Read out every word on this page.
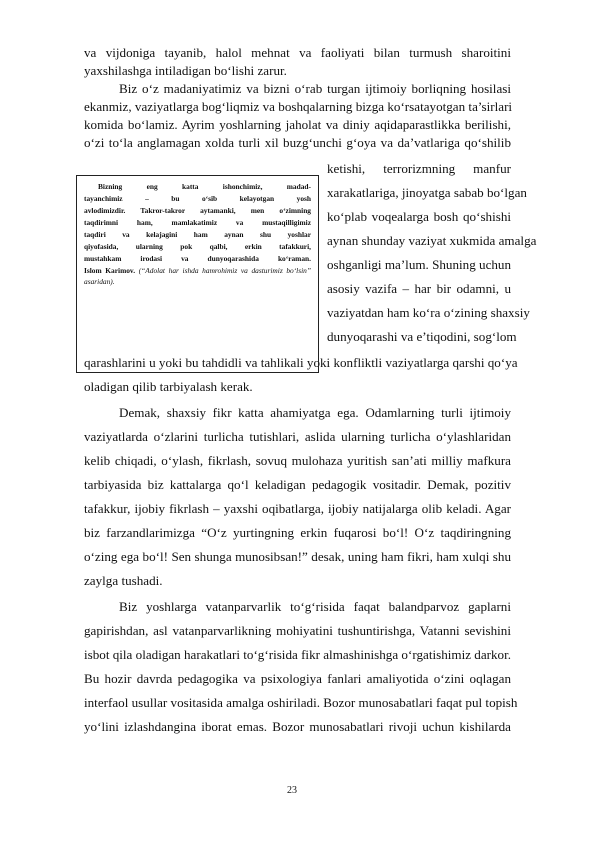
va vijdoniga tayanib, halol mehnat va faoliyati bilan turmush sharoitini
yaxshilashga intiladigan bo‘lishi zarur.
Biz o‘z madaniyatimiz va bizni o‘rab turgan ijtimoiy borliqning hosilasi
ekanmiz, vaziyatlarga bog‘liqmiz va boshqalarning bizga ko‘rsatayotgan ta’sirlari
komida bo‘lamiz. Ayrim yoshlarning jaholat va diniy aqidaparastlikka berilishi,
o‘zi to‘la anglamagan xolda turli xil buzg‘unchi g‘oya va da’vatlariga qo‘shilib
ketishi, terrorizmning manfur
xarakatlariga, jinoyatga sabab bo‘lgan
ko‘plab voqealarga bosh qo‘shishi
aynan shunday vaziyat xukmida amalga
oshganligi ma’lum. Shuning uchun
asosiy vazifa – har bir odamni, u
vaziyatdan ham ko‘ra o‘zining shaxsiy
dunyoqarashi va e’tiqodini, sog‘lom
qarashlarini u yoki bu tahdidli va tahlikali yoki konfliktli vaziyatlarga qarshi qo‘ya
oladigan qilib tarbiyalash kerak.
Demak, shaxsiy fikr katta ahamiyatga ega. Odamlarning turli ijtimoiy
vaziyatlarda o‘zlarini turlicha tutishlari, aslida ularning turlicha o‘ylashlaridan
kelib chiqadi, o‘ylash, fikrlash, sovuq mulohaza yuritish san’ati milliy mafkura
tarbiyasida biz kattalarga qo‘l keladigan pedagogik vositadir. Demak, pozitiv
tafakkur, ijobiy fikrlash – yaxshi oqibatlarga, ijobiy natijalarga olib keladi. Agar
biz farzandlarimizga “O‘z yurtingning erkin fuqarosi bo‘l! O‘z taqdiringning
o‘zing ega bo‘l! Sen shunga munosibsan!” desak, uning ham fikri, ham xulqi shu
zaylga tushadi.
Biz yoshlarga vatanparvarlik to‘g‘risida faqat balandparvoz gaplarni
gapirishdan, asl vatanparvarlikning mohiyatini tushuntirishga, Vatanni sevishini
isbot qila oladigan harakatlari to‘g‘risida fikr almashinishga o‘rgatishimiz darkor.
Bu hozir davrda pedagogika va psixologiya fanlari amaliyotida o‘zini oqlagan
interfaol usullar vositasida amalga oshiriladi. Bozor munosabatlari faqat pul topish
yo‘lini izlashdangina iborat emas. Bozor munosabatlari rivoji uchun kishilarda
Bizning eng katta ishonchimiz, madad-
tayanchimiz – bu o‘sib kelayotgan yosh
avlodimizdir. Takror-takror aytamanki, men o‘zimning
taqdirimni ham, mamlakatimiz va mustaqilligimiz
taqdiri va kelajagini ham aynan shu yoshlar
qiyofasida, ularning pok qalbi, erkin tafakkuri,
mustahkam irodasi va dunyoqarashida ko‘raman.
Islom Karimov. (“Adolat har ishda hamrohimiz va dasturimiz bo‘lsin” asaridan).
23
